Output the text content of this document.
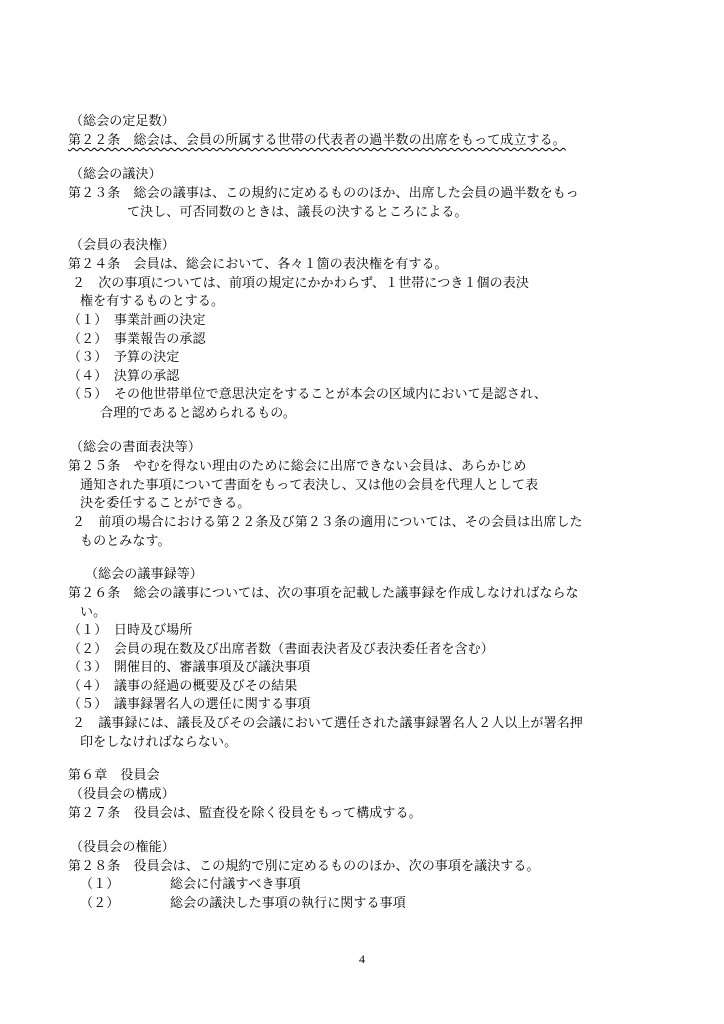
（総会の定足数）
第２２条　総会は、会員の所属する世帯の代表者の過半数の出席をもって成立する。
（総会の議決）
第２３条　総会の議事は、この規約に定めるもののほか、出席した会員の過半数をもっ
て決し、可否同数のときは、議長の決するところによる。
（会員の表決権）
第２４条　会員は、総会において、各々１箇の表決権を有する。
２　次の事項については、前項の規定にかかわらず、１世帯につき１個の表決
権を有するものとする。
（１）　事業計画の決定
（２）　事業報告の承認
（３）　予算の決定
（４）　決算の承認
（５）　その他世帯単位で意思決定をすることが本会の区域内において是認され、
合理的であると認められるもの。
（総会の書面表決等）
第２５条　やむを得ない理由のために総会に出席できない会員は、あらかじめ
通知された事項について書面をもって表決し、又は他の会員を代理人として表
決を委任することができる。
２　前項の場合における第２２条及び第２３条の適用については、その会員は出席した
ものとみなす。
（総会の議事録等）
第２６条　総会の議事については、次の事項を記載した議事録を作成しなければならな
い。
（１）　日時及び場所
（２）　会員の現在数及び出席者数（書面表決者及び表決委任者を含む）
（３）　開催目的、審議事項及び議決事項
（４）　議事の経過の概要及びその結果
（５）　議事録署名人の選任に関する事項
２　議事録には、議長及びその会議において選任された議事録署名人２人以上が署名押
印をしなければならない。
第６章　役員会
（役員会の構成）
第２７条　役員会は、監査役を除く役員をもって構成する。
（役員会の権能）
第２８条　役員会は、この規約で別に定めるもののほか、次の事項を議決する。
（１）	総会に付議すべき事項
（２）	総会の議決した事項の執行に関する事項
4
